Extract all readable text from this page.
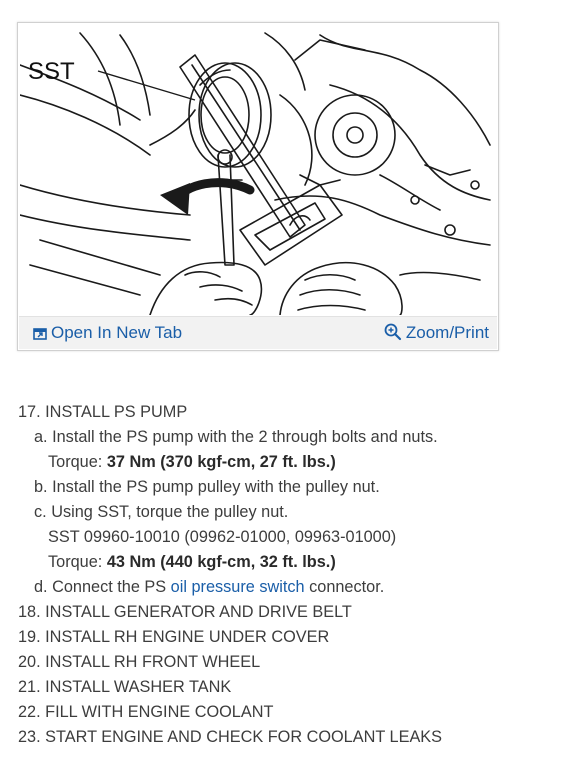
SST
Open In New Tab	Zoom/Print
17. INSTALL PS PUMP
a. Install the PS pump with the 2 through bolts and nuts.
Torque: 37 Nm (370 kgf-cm, 27 ft. lbs.)
b. Install the PS pump pulley with the pulley nut.
c. Using SST, torque the pulley nut.
SST 09960-10010 (09962-01000, 09963-01000)
Torque: 43 Nm (440 kgf-cm, 32 ft. lbs.)
d. Connect the PS oil pressure switch connector.
18. INSTALL GENERATOR AND DRIVE BELT
19. INSTALL RH ENGINE UNDER COVER
20. INSTALL RH FRONT WHEEL
21. INSTALL WASHER TANK
22. FILL WITH ENGINE COOLANT
23. START ENGINE AND CHECK FOR COOLANT LEAKS
